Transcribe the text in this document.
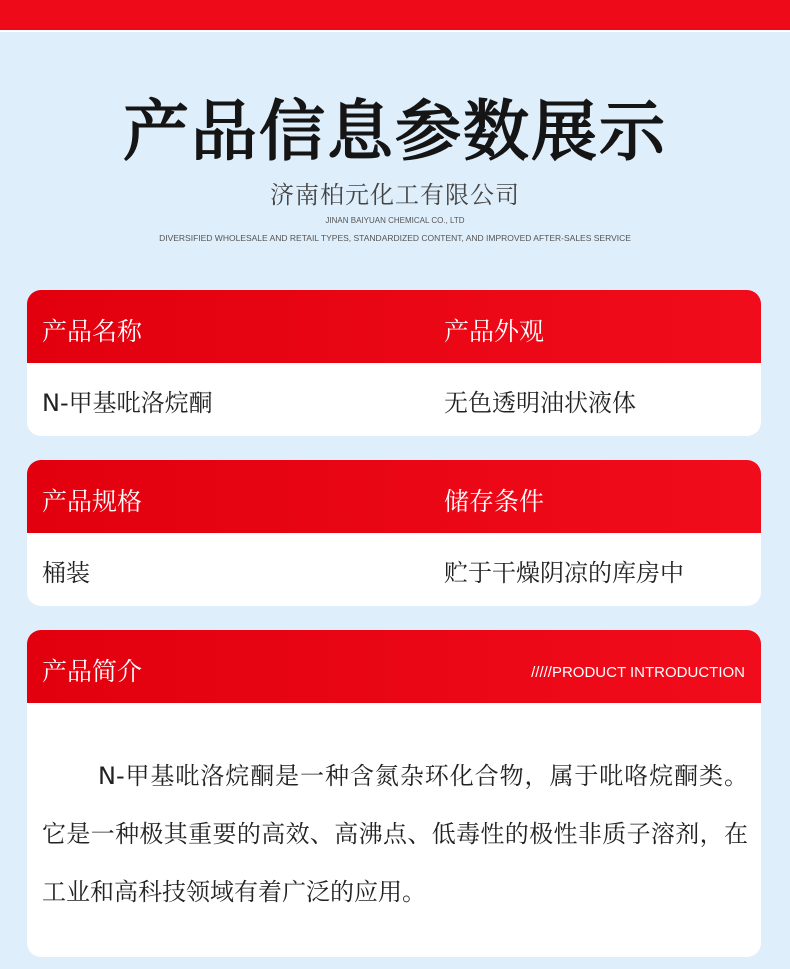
产品信息参数展示
济南柏元化工有限公司
JINAN BAIYUAN CHEMICAL CO., LTD
DIVERSIFIED WHOLESALE AND RETAIL TYPES, STANDARDIZED CONTENT, AND IMPROVED AFTER-SALES SERVICE
产品名称	产品外观
N-甲基吡洛烷酮	无色透明油状液体
产品规格	储存条件
桶装	贮于干燥阴凉的库房中
产品简介	/////PRODUCT INTRODUCTION

N-甲基吡洛烷酮是一种含氮杂环化合物，属于吡咯烷酮类。它是一种极其重要的高效、高沸点、低毒性的极性非质子溶剂，在工业和高科技领域有着广泛的应用。
